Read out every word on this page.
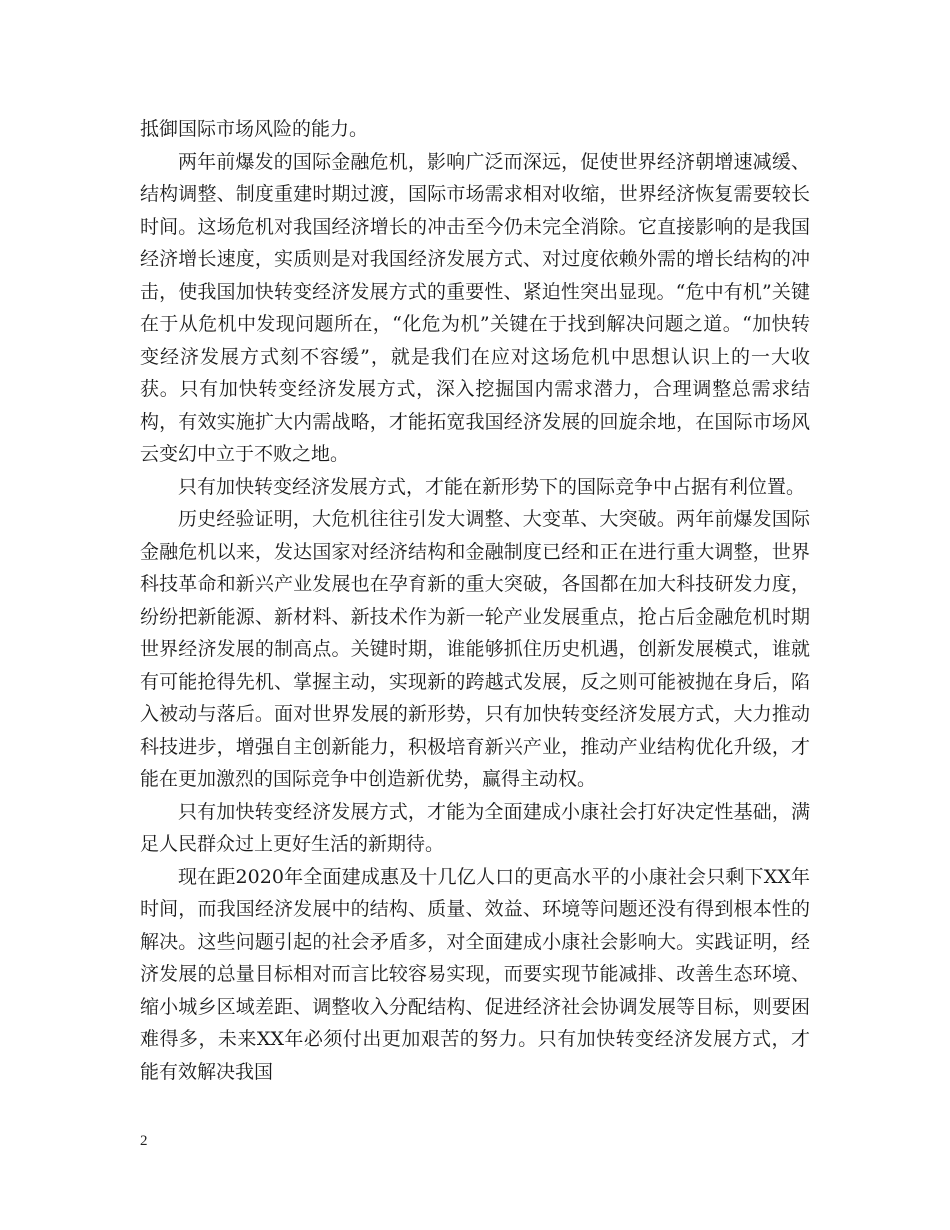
抵御国际市场风险的能力。

两年前爆发的国际金融危机，影响广泛而深远，促使世界经济朝增速减缓、结构调整、制度重建时期过渡，国际市场需求相对收缩，世界经济恢复需要较长时间。这场危机对我国经济增长的冲击至今仍未完全消除。它直接影响的是我国经济增长速度，实质则是对我国经济发展方式、对过度依赖外需的增长结构的冲击，使我国加快转变经济发展方式的重要性、紧迫性突出显现。“危中有机”关键在于从危机中发现问题所在，“化危为机”关键在于找到解决问题之道。“加快转变经济发展方式刻不容缓”，就是我们在应对这场危机中思想认识上的一大收获。只有加快转变经济发展方式，深入挖掘国内需求潜力，合理调整总需求结构，有效实施扩大内需战略，才能拓宽我国经济发展的回旋余地，在国际市场风云变幻中立于不败之地。

只有加快转变经济发展方式，才能在新形势下的国际竞争中占据有利位置。

历史经验证明，大危机往往引发大调整、大变革、大突破。两年前爆发国际金融危机以来，发达国家对经济结构和金融制度已经和正在进行重大调整，世界科技革命和新兴产业发展也在孕育新的重大突破，各国都在加大科技研发力度，纷纷把新能源、新材料、新技术作为新一轮产业发展重点，抢占后金融危机时期世界经济发展的制高点。关键时期，谁能够抓住历史机遇，创新发展模式，谁就有可能抢得先机、掌握主动，实现新的跨越式发展，反之则可能被抛在身后，陷入被动与落后。面对世界发展的新形势，只有加快转变经济发展方式，大力推动科技进步，增强自主创新能力，积极培育新兴产业，推动产业结构优化升级，才能在更加激烈的国际竞争中创造新优势，赢得主动权。

只有加快转变经济发展方式，才能为全面建成小康社会打好决定性基础，满足人民群众过上更好生活的新期待。

现在距2020年全面建成惠及十几亿人口的更高水平的小康社会只剩下XX年时间，而我国经济发展中的结构、质量、效益、环境等问题还没有得到根本性的解决。这些问题引起的社会矛盾多，对全面建成小康社会影响大。实践证明，经济发展的总量目标相对而言比较容易实现，而要实现节能减排、改善生态环境、缩小城乡区域差距、调整收入分配结构、促进经济社会协调发展等目标，则要困难得多，未来XX年必须付出更加艰苦的努力。只有加快转变经济发展方式，才能有效解决我国

2
